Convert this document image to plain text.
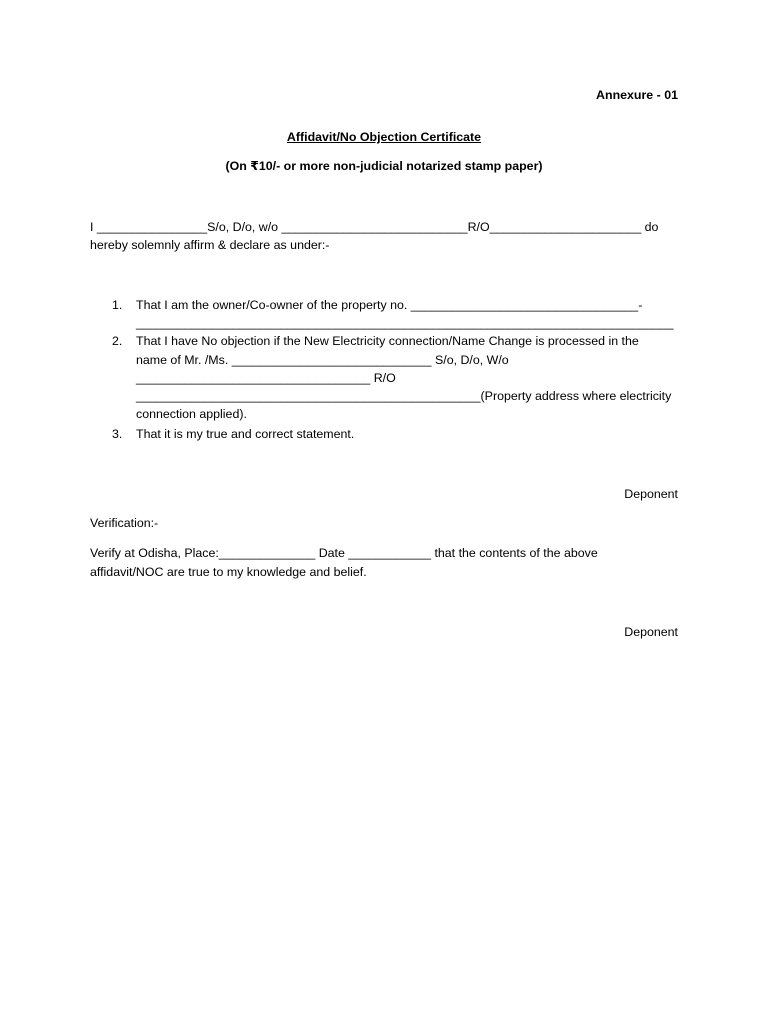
Annexure - 01
Affidavit/No Objection Certificate
(On ₹10/- or more non-judicial notarized stamp paper)
I ________________S/o, D/o, w/o ___________________________R/O______________________ do
hereby solemnly affirm & declare as under:-
1. That I am the owner/Co-owner of the property no. _________________________________-
______________________________________________________________________________
2. That I have No objection if the New Electricity connection/Name Change is processed in the
name of Mr. /Ms. _____________________________ S/o, D/o, W/o
__________________________________ R/O
__________________________________________________(Property address where electricity
connection applied).
3. That it is my true and correct statement.
Deponent
Verification:-
Verify at Odisha, Place:______________ Date ____________ that the contents of the above
affidavit/NOC are true to my knowledge and belief.
Deponent
